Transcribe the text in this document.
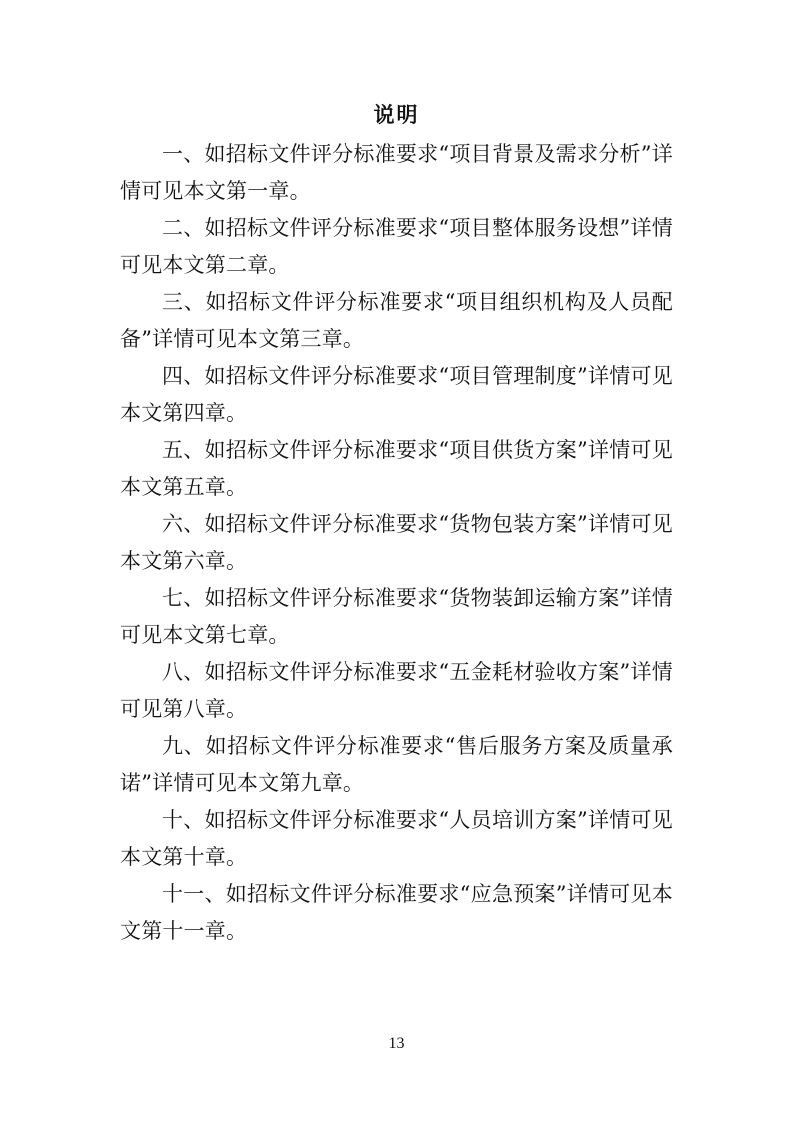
说明

一、如招标文件评分标准要求“项目背景及需求分析”详情可见本文第一章。

二、如招标文件评分标准要求“项目整体服务设想”详情可见本文第二章。

三、如招标文件评分标准要求“项目组织机构及人员配备”详情可见本文第三章。

四、如招标文件评分标准要求“项目管理制度”详情可见本文第四章。

五、如招标文件评分标准要求“项目供货方案”详情可见本文第五章。

六、如招标文件评分标准要求“货物包装方案”详情可见本文第六章。

七、如招标文件评分标准要求“货物装卸运输方案”详情可见本文第七章。

八、如招标文件评分标准要求“五金耗材验收方案”详情可见第八章。

九、如招标文件评分标准要求“售后服务方案及质量承诺”详情可见本文第九章。

十、如招标文件评分标准要求“人员培训方案”详情可见本文第十章。

十一、如招标文件评分标准要求“应急预案”详情可见本文第十一章。

13
